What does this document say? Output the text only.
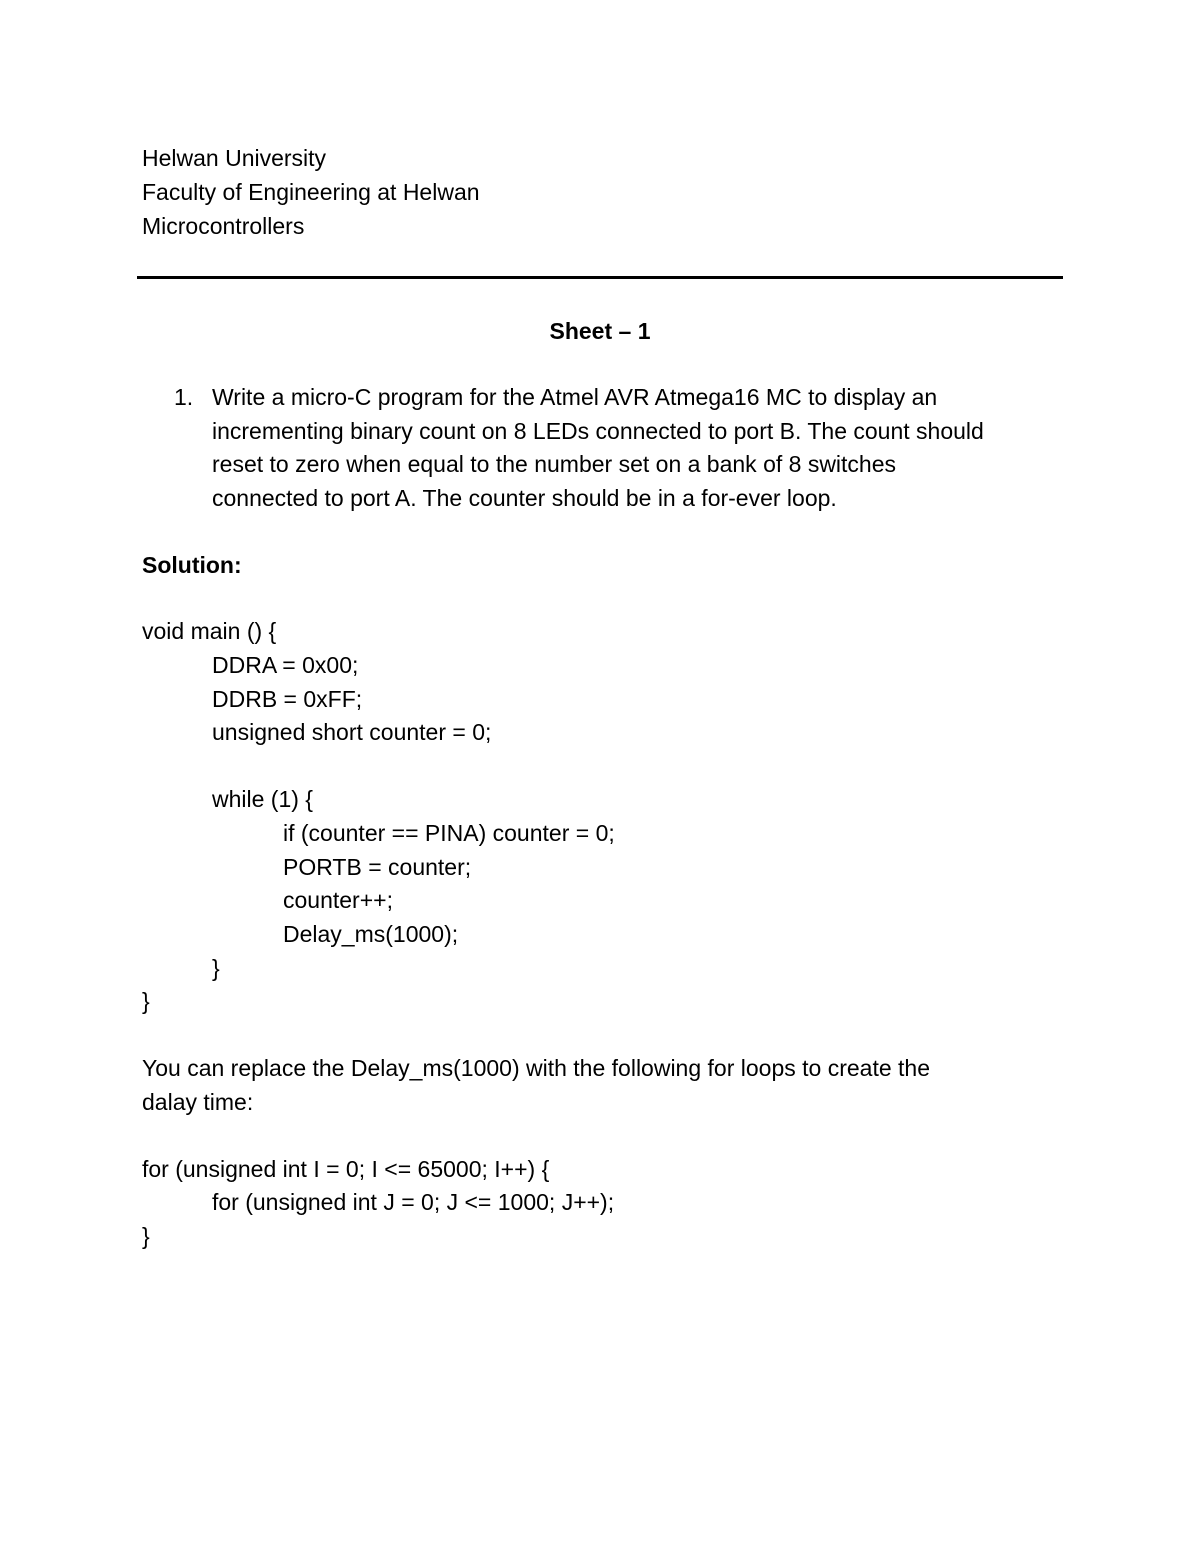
Helwan University
Faculty of Engineering at Helwan
Microcontrollers
Sheet – 1
1. Write a micro-C program for the Atmel AVR Atmega16 MC to display an
incrementing binary count on 8 LEDs connected to port B. The count should
reset to zero when equal to the number set on a bank of 8 switches
connected to port A. The counter should be in a for-ever loop.
Solution:
void main () {
DDRA = 0x00;
DDRB = 0xFF;
unsigned short counter = 0;
while (1) {
if (counter == PINA) counter = 0;
PORTB = counter;
counter++;
Delay_ms(1000);
}
}
You can replace the Delay_ms(1000) with the following for loops to create the
dalay time:
for (unsigned int I = 0; I <= 65000; I++) {
for (unsigned int J = 0; J <= 1000; J++);
}
